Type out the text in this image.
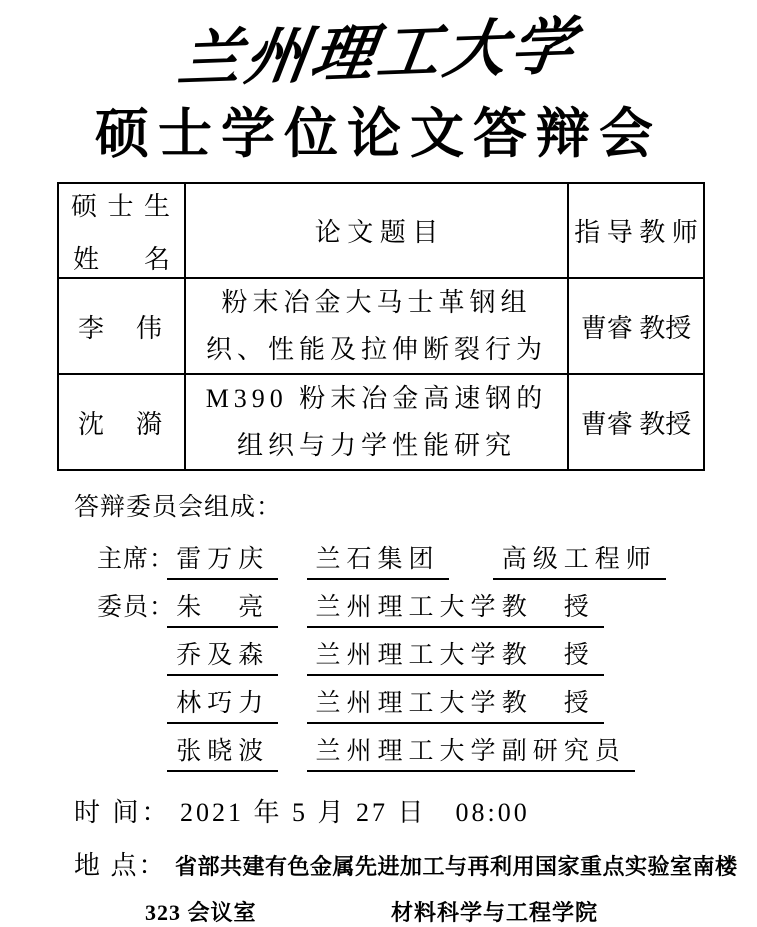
兰州理工大学
硕士学位论文答辩会
硕 士 生
姓 名	论 文 题 目	指 导 教 师
李　伟	粉末冶金大马士革钢组织、性能及拉伸断裂行为	曹睿 教授
沈　漪	M390 粉末冶金高速钢的组织与力学性能研究	曹睿 教授
答辩委员会组成：
主席： 雷万庆 兰石集团 高级工程师
委员： 朱　亮 兰州理工大学 教　授
乔及森 兰州理工大学 教　授
林巧力 兰州理工大学 教　授
张晓波 兰州理工大学 副研究员
时 间： 2021 年 5 月 27 日　08:00
地 点： 省部共建有色金属先进加工与再利用国家重点实验室南楼
323 会议室	材料科学与工程学院
